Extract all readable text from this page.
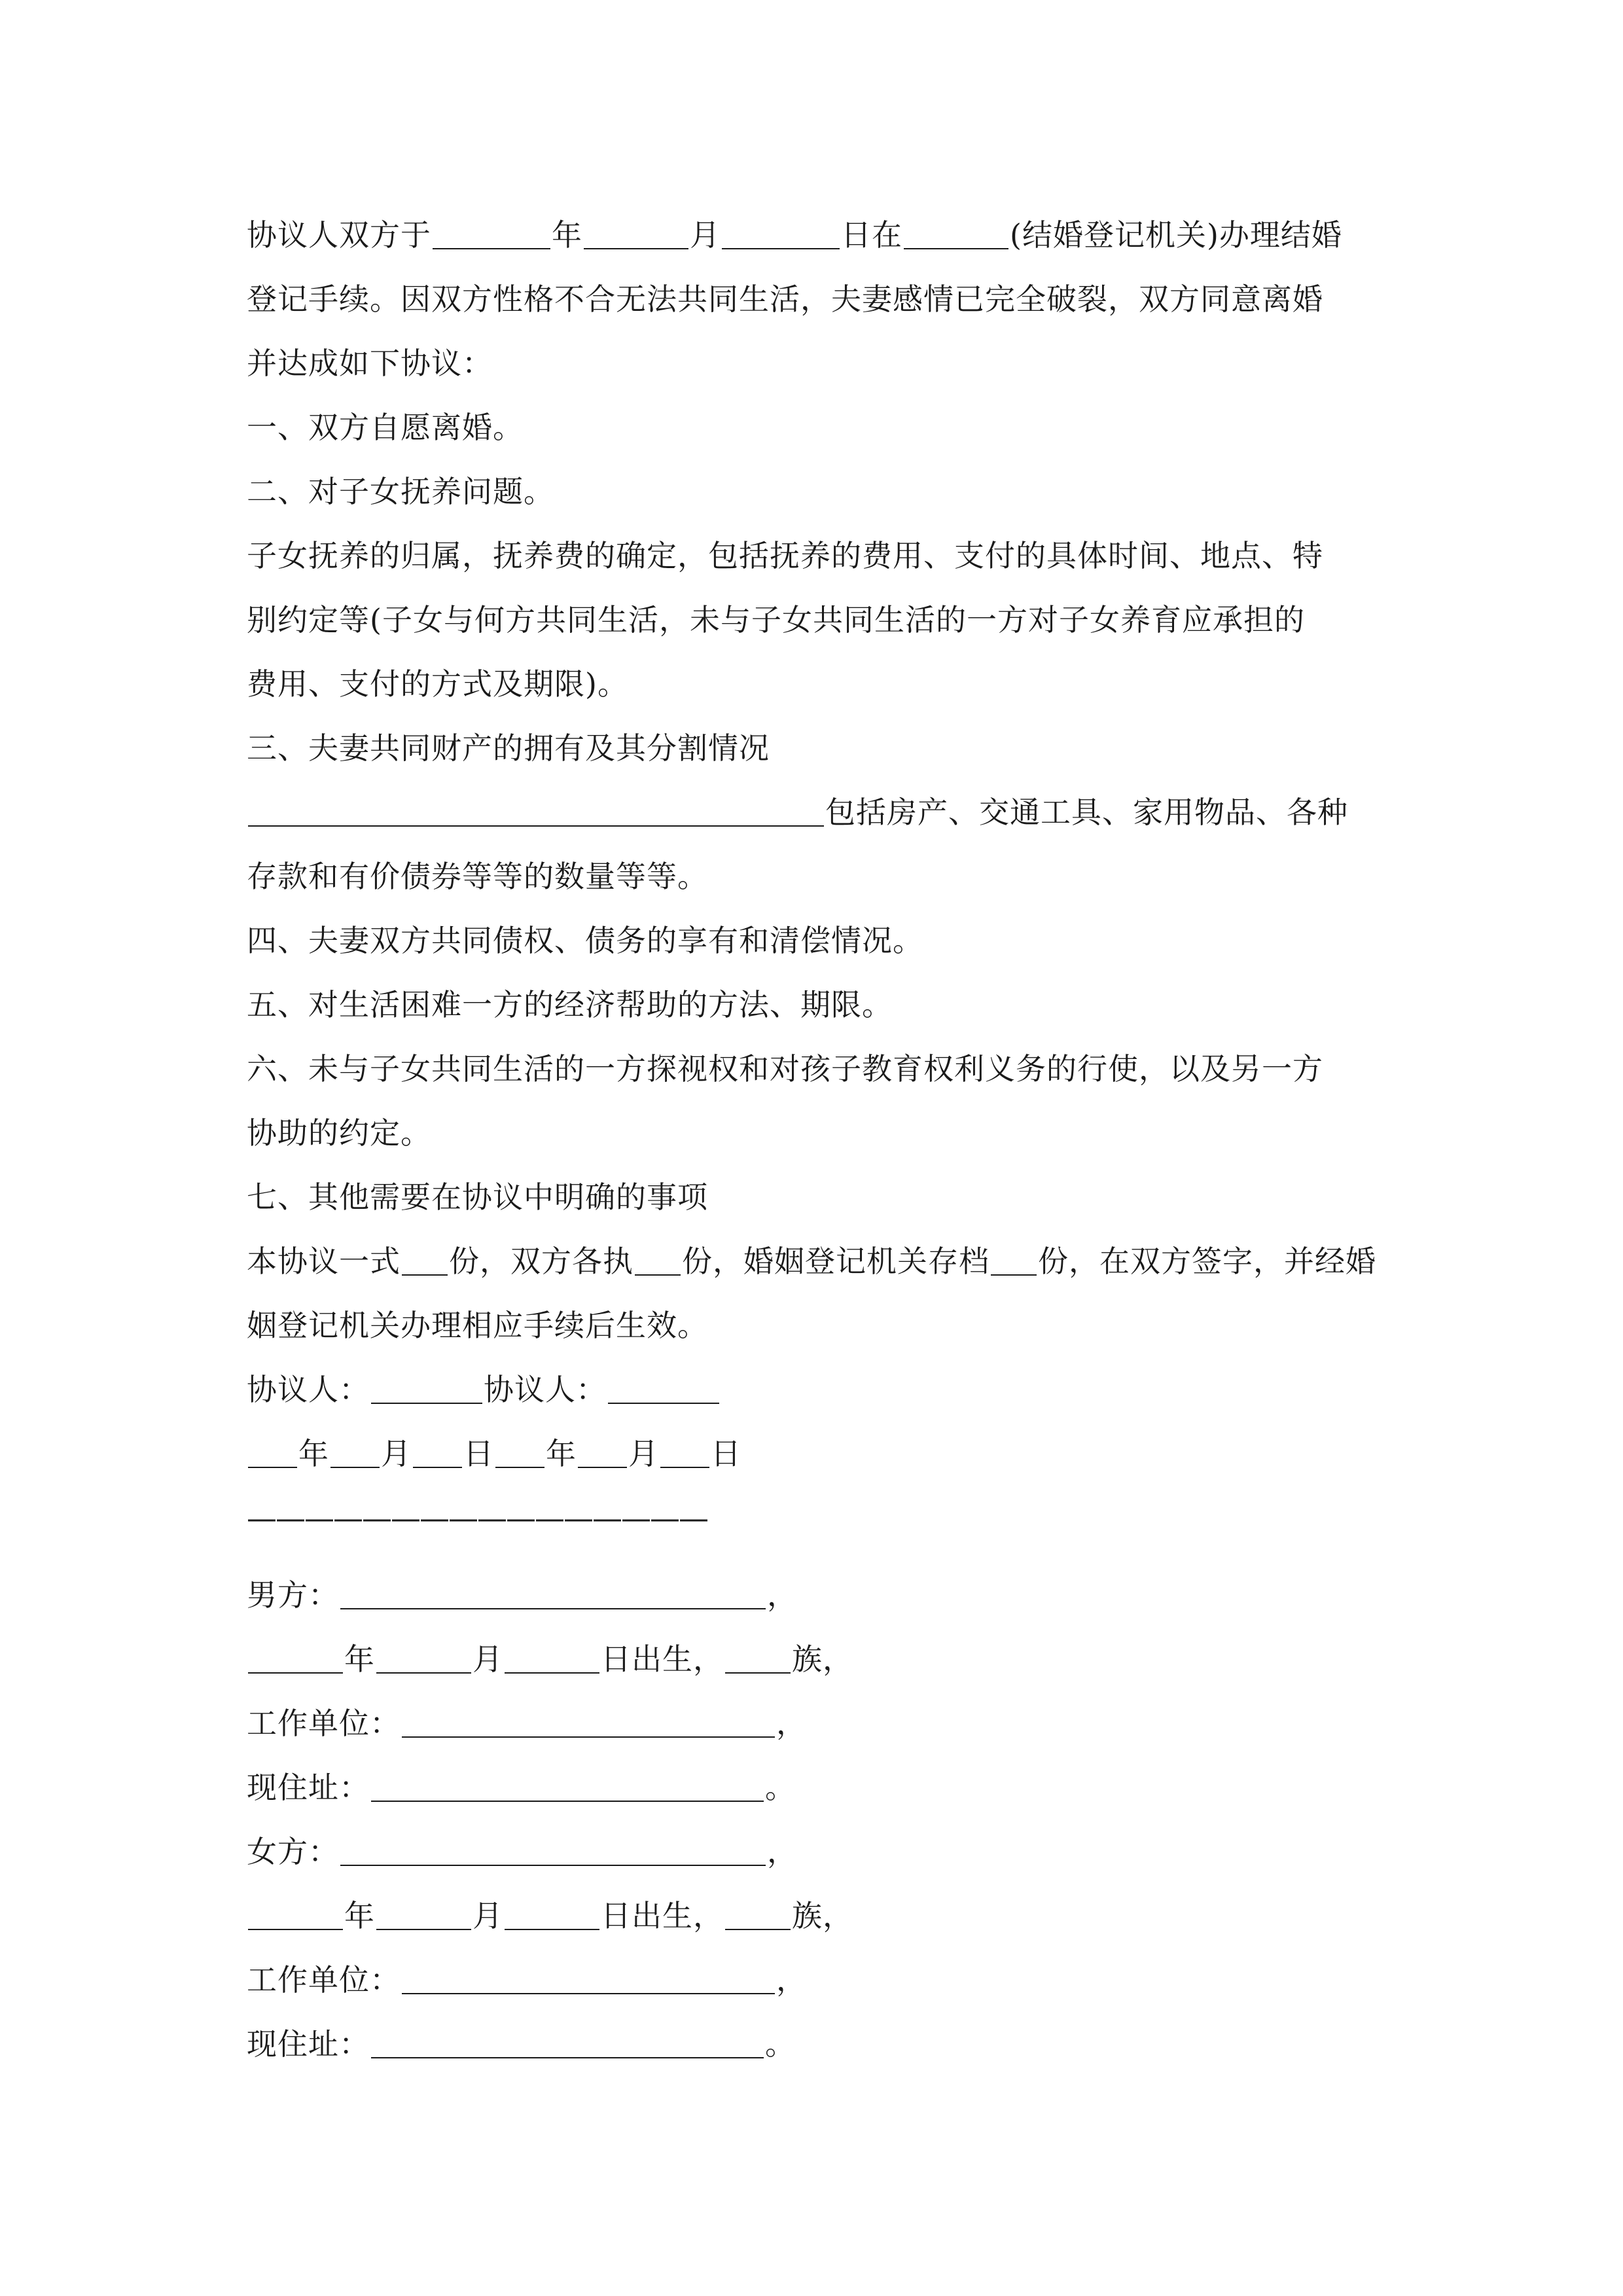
协议人双方于	年	月	日在	(结婚登记机关)办理结婚
登记手续。因双方性格不合无法共同生活，夫妻感情已完全破裂，双方同意离婚
并达成如下协议：
一、双方自愿离婚。
二、对子女抚养问题。
子女抚养的归属，抚养费的确定，包括抚养的费用、支付的具体时间、地点、特
别约定等(子女与何方共同生活，未与子女共同生活的一方对子女养育应承担的
费用、支付的方式及期限)。
三、夫妻共同财产的拥有及其分割情况
包括房产、交通工具、家用物品、各种
存款和有价债券等等的数量等等。
四、夫妻双方共同债权、债务的享有和清偿情况。
五、对生活困难一方的经济帮助的方法、期限。
六、未与子女共同生活的一方探视权和对孩子教育权利义务的行使，以及另一方
协助的约定。
七、其他需要在协议中明确的事项
本协议一式 份，双方各执 份，婚姻登记机关存档 份，在双方签字，并经婚
姻登记机关办理相应手续后生效。
协议人：	协议人：
年 月 日 年 月 日
————————————————
男方：	，
年	月	日出生， 族，
工作单位：	，
现住址：	。
女方：	，
年	月	日出生， 族，
工作单位：	，
现住址：	。
